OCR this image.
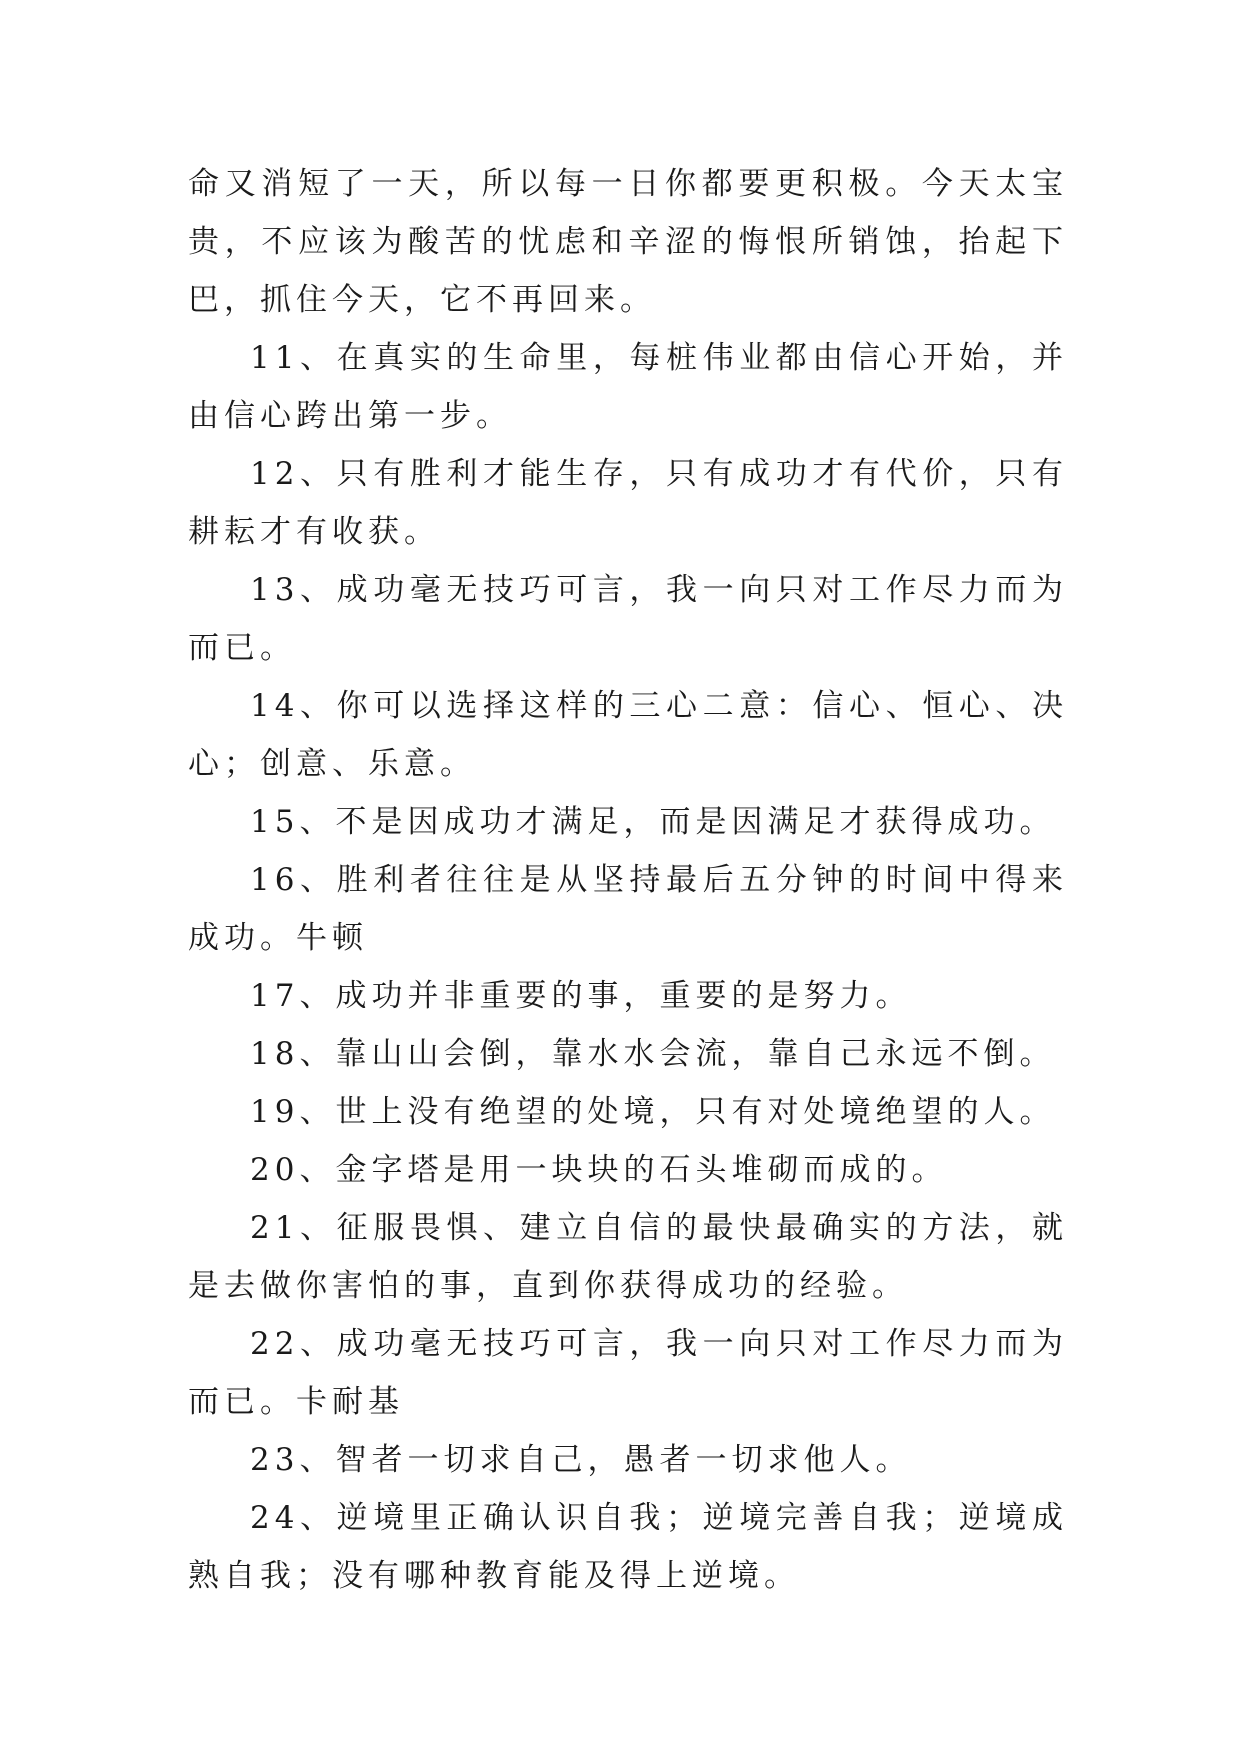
命又消短了一天，所以每一日你都要更积极。今天太宝贵，不应该为酸苦的忧虑和辛涩的悔恨所销蚀，抬起下巴，抓住今天，它不再回来。

11、在真实的生命里，每桩伟业都由信心开始，并由信心跨出第一步。

12、只有胜利才能生存，只有成功才有代价，只有耕耘才有收获。

13、成功毫无技巧可言，我一向只对工作尽力而为而已。

14、你可以选择这样的三心二意：信心、恒心、决心；创意、乐意。

15、不是因成功才满足，而是因满足才获得成功。

16、胜利者往往是从坚持最后五分钟的时间中得来成功。牛顿

17、成功并非重要的事，重要的是努力。

18、靠山山会倒，靠水水会流，靠自己永远不倒。

19、世上没有绝望的处境，只有对处境绝望的人。

20、金字塔是用一块块的石头堆砌而成的。

21、征服畏惧、建立自信的最快最确实的方法，就是去做你害怕的事，直到你获得成功的经验。

22、成功毫无技巧可言，我一向只对工作尽力而为而已。卡耐基

23、智者一切求自己，愚者一切求他人。

24、逆境里正确认识自我；逆境完善自我；逆境成熟自我；没有哪种教育能及得上逆境。
